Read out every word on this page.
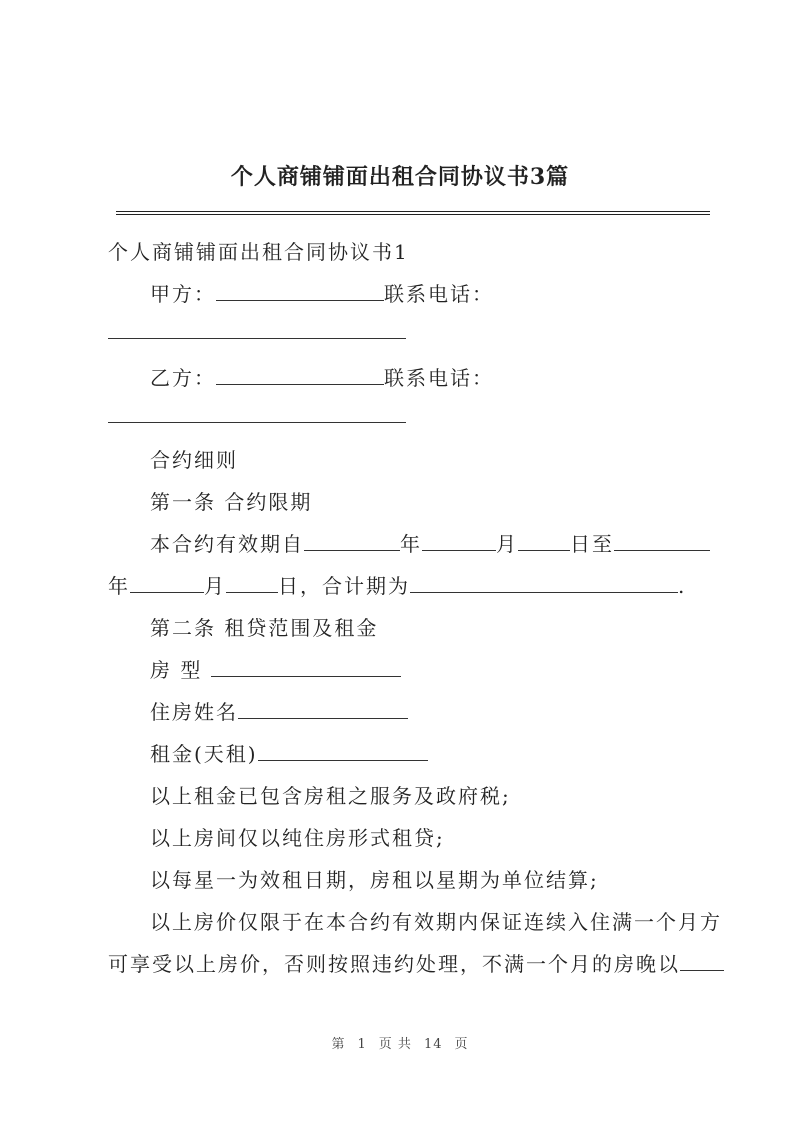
个人商铺铺面出租合同协议书3篇
个人商铺铺面出租合同协议书1
甲方：	联系电话：
乙方：	联系电话：
合约细则
第一条 合约限期
本合约有效期自	年	月	日至
年	月	日，合计期为	.
第二条 租贷范围及租金
房 型
住房姓名
租金(天租)
以上租金已包含房租之服务及政府税;
以上房间仅以纯住房形式租贷;
以每星一为效租日期，房租以星期为单位结算;
以上房价仅限于在本合约有效期内保证连续入住满一个月方
可享受以上房价，否则按照违约处理，不满一个月的房晚以
第 1 页 共 14 页
